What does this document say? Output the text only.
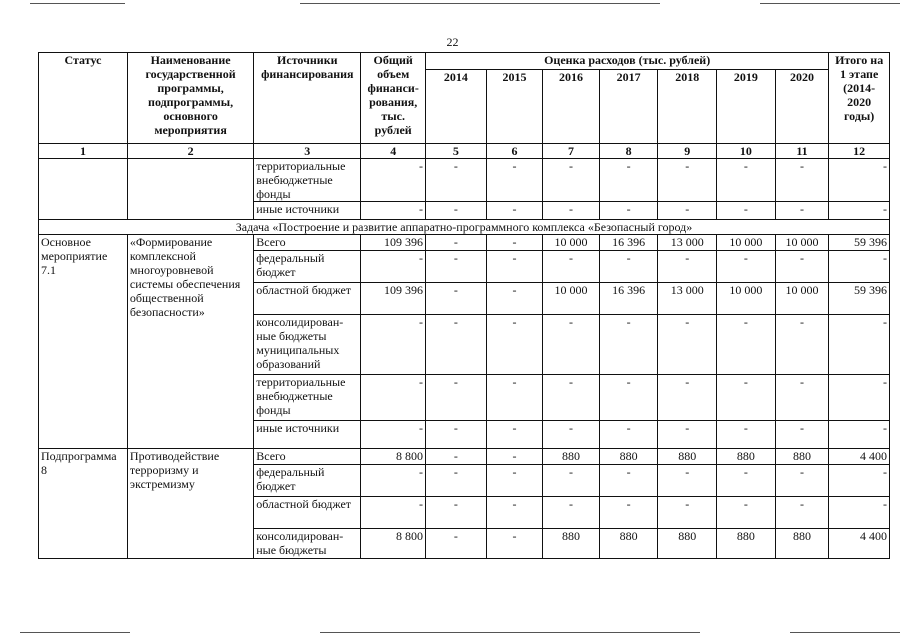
22
Статус	Наименование государственной программы, подпрограммы, основного мероприятия	Источники финансирования	Общий объем финанси-рования, тыс. рублей	Оценка расходов (тыс. рублей)							Итого на 1 этапе (2014-2020 годы)
				2014	2015	2016	2017	2018	2019	2020	
1	2	3	4	5	6	7	8	9	10	11	12
		территориальные внебюджетные фонды	-	-	-	-	-	-	-	-	-
		иные источники	-	-	-	-	-	-	-	-	-
Задача «Построение и развитие аппаратно-программного комплекса «Безопасный город»											
Основное мероприятие 7.1	«Формирование комплексной многоуровневой системы обеспечения общественной безопасности»	Всего	109 396	-	-	10 000	16 396	13 000	10 000	10 000	59 396
		федеральный бюджет	-	-	-	-	-	-	-	-	-
		областной бюджет	109 396	-	-	10 000	16 396	13 000	10 000	10 000	59 396
		консолидирован-ные бюджеты муниципальных образований	-	-	-	-	-	-	-	-	-
		территориальные внебюджетные фонды	-	-	-	-	-	-	-	-	-
		иные источники	-	-	-	-	-	-	-	-	-
Подпрограмма 8	Противодействие терроризму и экстремизму	Всего	8 800	-	-	880	880	880	880	880	4 400
		федеральный бюджет	-	-	-	-	-	-	-	-	-
		областной бюджет	-	-	-	-	-	-	-	-	-
		консолидирован-ные бюджеты	8 800	-	-	880	880	880	880	880	4 400
